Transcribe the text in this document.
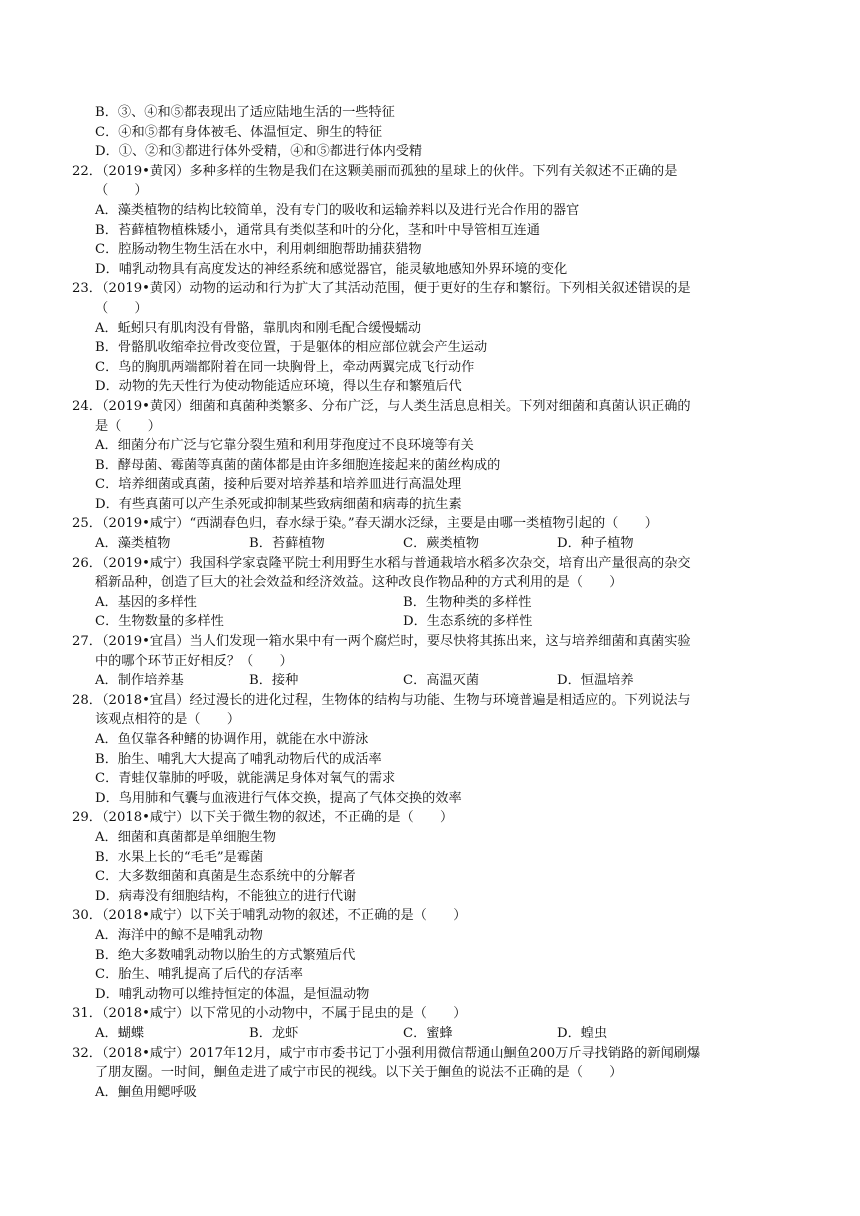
B．③、④和⑤都表现出了适应陆地生活的一些特征
C．④和⑤都有身体被毛、体温恒定、卵生的特征
D．①、②和③都进行体外受精，④和⑤都进行体内受精
22．（2019•黄冈）多种多样的生物是我们在这颗美丽而孤独的星球上的伙伴。下列有关叙述不正确的是
（　　）
A．藻类植物的结构比较简单，没有专门的吸收和运输养料以及进行光合作用的器官
B．苔藓植物植株矮小，通常具有类似茎和叶的分化，茎和叶中导管相互连通
C．腔肠动物生物生活在水中，利用刺细胞帮助捕获猎物
D．哺乳动物具有高度发达的神经系统和感觉器官，能灵敏地感知外界环境的变化
23．（2019•黄冈）动物的运动和行为扩大了其活动范围，便于更好的生存和繁衍。下列相关叙述错误的是
（　　）
A．蚯蚓只有肌肉没有骨骼，靠肌肉和刚毛配合缓慢蠕动
B．骨骼肌收缩牵拉骨改变位置，于是躯体的相应部位就会产生运动
C．鸟的胸肌两端都附着在同一块胸骨上，牵动两翼完成飞行动作
D．动物的先天性行为使动物能适应环境，得以生存和繁殖后代
24．（2019•黄冈）细菌和真菌种类繁多、分布广泛，与人类生活息息相关。下列对细菌和真菌认识正确的
是（　　）
A．细菌分布广泛与它靠分裂生殖和利用芽孢度过不良环境等有关
B．酵母菌、霉菌等真菌的菌体都是由许多细胞连接起来的菌丝构成的
C．培养细菌或真菌，接种后要对培养基和培养皿进行高温处理
D．有些真菌可以产生杀死或抑制某些致病细菌和病毒的抗生素
25．（2019•咸宁）“西湖春色归，春水绿于染。”春天湖水泛绿，主要是由哪一类植物引起的（　　）
A．藻类植物	B．苔藓植物	C．蕨类植物	D．种子植物
26．（2019•咸宁）我国科学家袁隆平院士利用野生水稻与普通栽培水稻多次杂交，培育出产量很高的杂交
稻新品种，创造了巨大的社会效益和经济效益。这种改良作物品种的方式利用的是（　　）
A．基因的多样性	B．生物种类的多样性
C．生物数量的多样性	D．生态系统的多样性
27．（2019•宜昌）当人们发现一箱水果中有一两个腐烂时，要尽快将其拣出来，这与培养细菌和真菌实验
中的哪个环节正好相反？（　　）
A．制作培养基	B．接种	C．高温灭菌	D．恒温培养
28．（2018•宜昌）经过漫长的进化过程，生物体的结构与功能、生物与环境普遍是相适应的。下列说法与
该观点相符的是（　　）
A．鱼仅靠各种鳍的协调作用，就能在水中游泳
B．胎生、哺乳大大提高了哺乳动物后代的成活率
C．青蛙仅靠肺的呼吸，就能满足身体对氧气的需求
D．鸟用肺和气囊与血液进行气体交换，提高了气体交换的效率
29．（2018•咸宁）以下关于微生物的叙述，不正确的是（　　）
A．细菌和真菌都是单细胞生物
B．水果上长的“毛毛”是霉菌
C．大多数细菌和真菌是生态系统中的分解者
D．病毒没有细胞结构，不能独立的进行代谢
30．（2018•咸宁）以下关于哺乳动物的叙述，不正确的是（　　）
A．海洋中的鲸不是哺乳动物
B．绝大多数哺乳动物以胎生的方式繁殖后代
C．胎生、哺乳提高了后代的存活率
D．哺乳动物可以维持恒定的体温，是恒温动物
31．（2018•咸宁）以下常见的小动物中，不属于昆虫的是（　　）
A．蝴蝶	B．龙虾	C．蜜蜂	D．蝗虫
32．（2018•咸宁）2017年12月，咸宁市市委书记丁小强利用微信帮通山鮰鱼200万斤寻找销路的新闻刷爆
了朋友圈。一时间，鮰鱼走进了咸宁市民的视线。以下关于鮰鱼的说法不正确的是（　　）
A．鮰鱼用鳃呼吸
